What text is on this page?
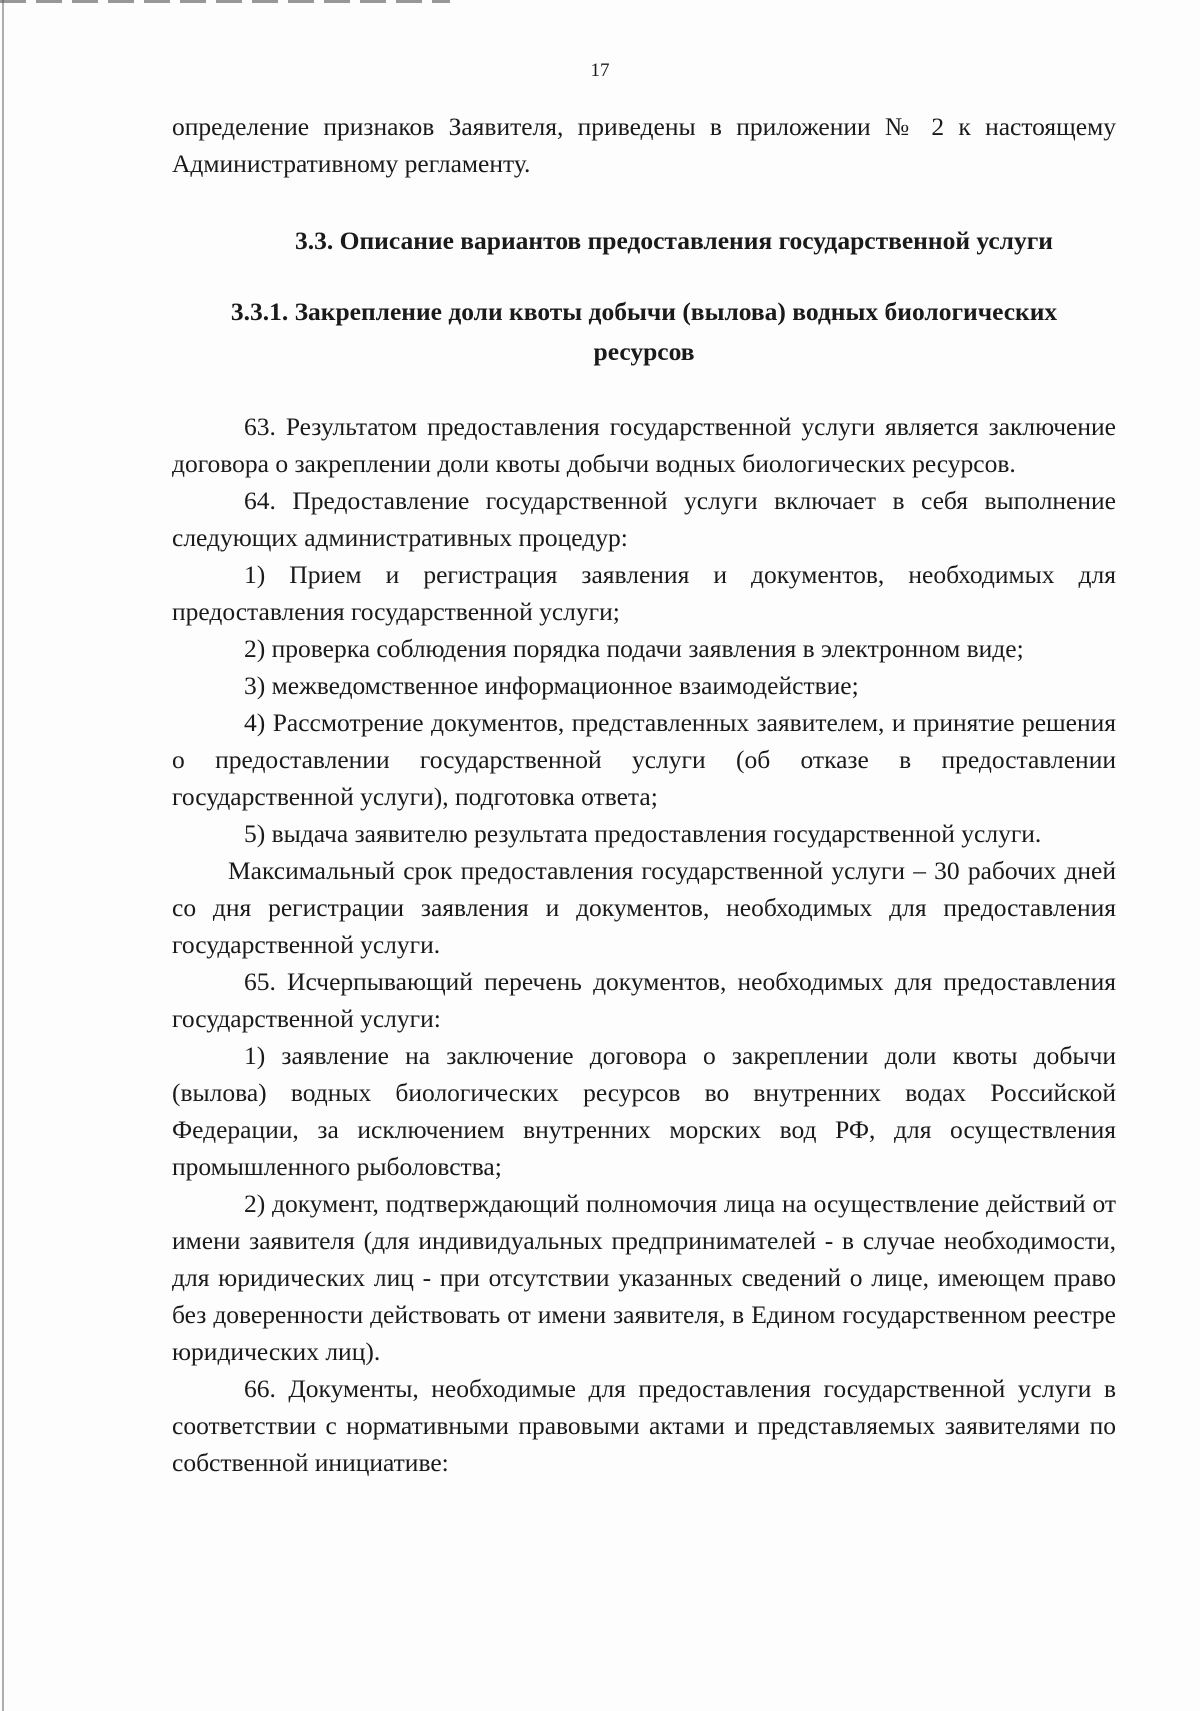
17

определение признаков Заявителя, приведены в приложении № 2 к настоящему Административному регламенту.

3.3. Описание вариантов предоставления государственной услуги

3.3.1. Закрепление доли квоты добычи (вылова) водных биологических
ресурсов

63. Результатом предоставления государственной услуги является заключение договора о закреплении доли квоты добычи водных биологических ресурсов.

64. Предоставление государственной услуги включает в себя выполнение следующих административных процедур:

1) Прием и регистрация заявления и документов, необходимых для предоставления государственной услуги;

2) проверка соблюдения порядка подачи заявления в электронном виде;

3) межведомственное информационное взаимодействие;

4) Рассмотрение документов, представленных заявителем, и принятие решения о предоставлении государственной услуги (об отказе в предоставлении государственной услуги), подготовка ответа;

5) выдача заявителю результата предоставления государственной услуги.

Максимальный срок предоставления государственной услуги – 30 рабочих дней со дня регистрации заявления и документов, необходимых для предоставления государственной услуги.

65. Исчерпывающий перечень документов, необходимых для предоставления государственной услуги:

1) заявление на заключение договора о закреплении доли квоты добычи (вылова) водных биологических ресурсов во внутренних водах Российской Федерации, за исключением внутренних морских вод РФ, для осуществления промышленного рыболовства;

2) документ, подтверждающий полномочия лица на осуществление действий от имени заявителя (для индивидуальных предпринимателей - в случае необходимости, для юридических лиц - при отсутствии указанных сведений о лице, имеющем право без доверенности действовать от имени заявителя, в Едином государственном реестре юридических лиц).

66. Документы, необходимые для предоставления государственной услуги в соответствии с нормативными правовыми актами и представляемых заявителями по собственной инициативе:
